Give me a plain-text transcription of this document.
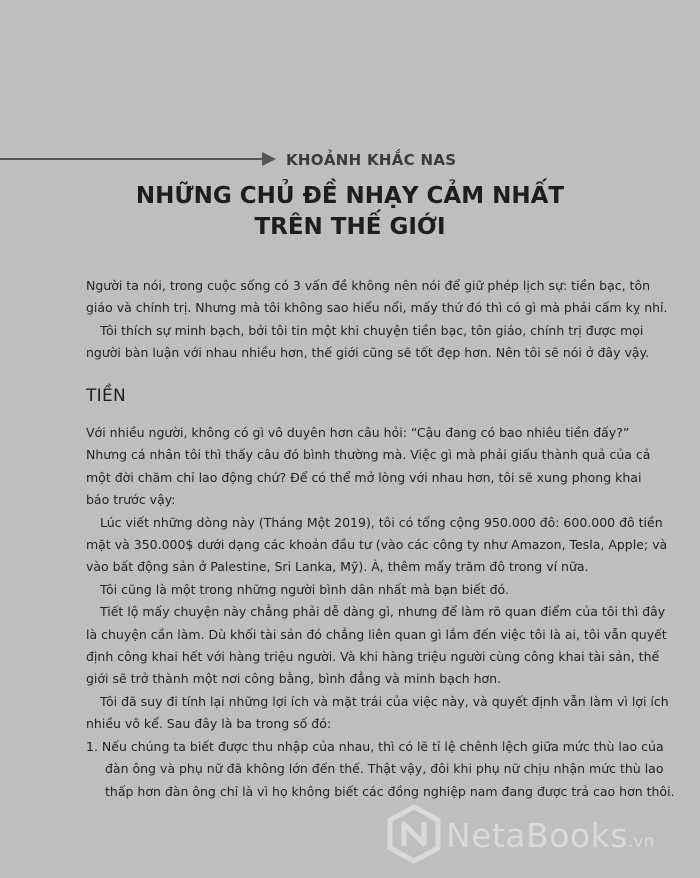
KHOẢNH KHẮC NAS
NHỮNG CHỦ ĐỀ NHẠY CẢM NHẤT
TRÊN THẾ GIỚI

Người ta nói, trong cuộc sống có 3 vấn đề không nên nói để giữ phép lịch sự: tiền bạc, tôn

giáo và chính trị. Nhưng mà tôi không sao hiểu nổi, mấy thứ đó thì có gì mà phải cấm kỵ nhỉ.

Tôi thích sự minh bạch, bởi tôi tin một khi chuyện tiền bạc, tôn giáo, chính trị được mọi

người bàn luận với nhau nhiều hơn, thế giới cũng sẽ tốt đẹp hơn. Nên tôi sẽ nói ở đây vậy.

TIỀN

Với nhiều người, không có gì vô duyên hơn câu hỏi: “Cậu đang có bao nhiêu tiền đấy?”

Nhưng cá nhân tôi thì thấy câu đó bình thường mà. Việc gì mà phải giấu thành quả của cả

một đời chăm chỉ lao động chứ? Để có thể mở lòng với nhau hơn, tôi sẽ xung phong khai

báo trước vậy:

Lúc viết những dòng này (Tháng Một 2019), tôi có tổng cộng 950.000 đô: 600.000 đô tiền

mặt và 350.000$ dưới dạng các khoản đầu tư (vào các công ty như Amazon, Tesla, Apple; và

vào bất động sản ở Palestine, Sri Lanka, Mỹ). À, thêm mấy trăm đô trong ví nữa.

Tôi cũng là một trong những người bình dân nhất mà bạn biết đó.

Tiết lộ mấy chuyện này chẳng phải dễ dàng gì, nhưng để làm rõ quan điểm của tôi thì đây

là chuyện cần làm. Dù khối tài sản đó chẳng liên quan gì lắm đến việc tôi là ai, tôi vẫn quyết

định công khai hết với hàng triệu người. Và khi hàng triệu người cùng công khai tài sản, thế

giới sẽ trở thành một nơi công bằng, bình đẳng và minh bạch hơn.

Tôi đã suy đi tính lại những lợi ích và mặt trái của việc này, và quyết định vẫn làm vì lợi ích

nhiều vô kể. Sau đây là ba trong số đó:

1. Nếu chúng ta biết được thu nhập của nhau, thì có lẽ tỉ lệ chênh lệch giữa mức thù lao của

đàn ông và phụ nữ đã không lớn đến thế. Thật vậy, đôi khi phụ nữ chịu nhận mức thù lao

thấp hơn đàn ông chỉ là vì họ không biết các đồng nghiệp nam đang được trả cao hơn thôi.

NetaBooks.vn
